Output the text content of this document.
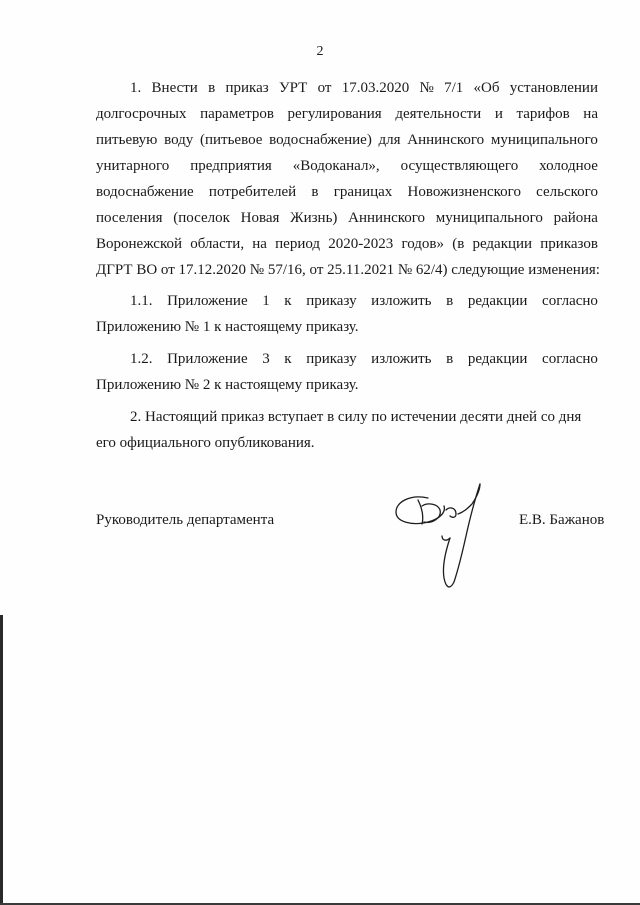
2
1. Внести в приказ УРТ от 17.03.2020 № 7/1 «Об установлении
долгосрочных параметров регулирования деятельности и тарифов на
питьевую воду (питьевое водоснабжение) для Аннинского муниципального
унитарного предприятия «Водоканал», осуществляющего холодное
водоснабжение потребителей в границах Новожизненского сельского
поселения (поселок Новая Жизнь) Аннинского муниципального района
Воронежской области, на период 2020-2023 годов» (в редакции приказов
ДГРТ ВО от 17.12.2020 № 57/16, от 25.11.2021 № 62/4) следующие изменения:
1.1. Приложение 1 к приказу изложить в редакции согласно
Приложению № 1 к настоящему приказу.
1.2. Приложение 3 к приказу изложить в редакции согласно
Приложению № 2 к настоящему приказу.
2. Настоящий приказ вступает в силу по истечении десяти дней со дня
его официального опубликования.
Руководитель департамента	Е.В. Бажанов
